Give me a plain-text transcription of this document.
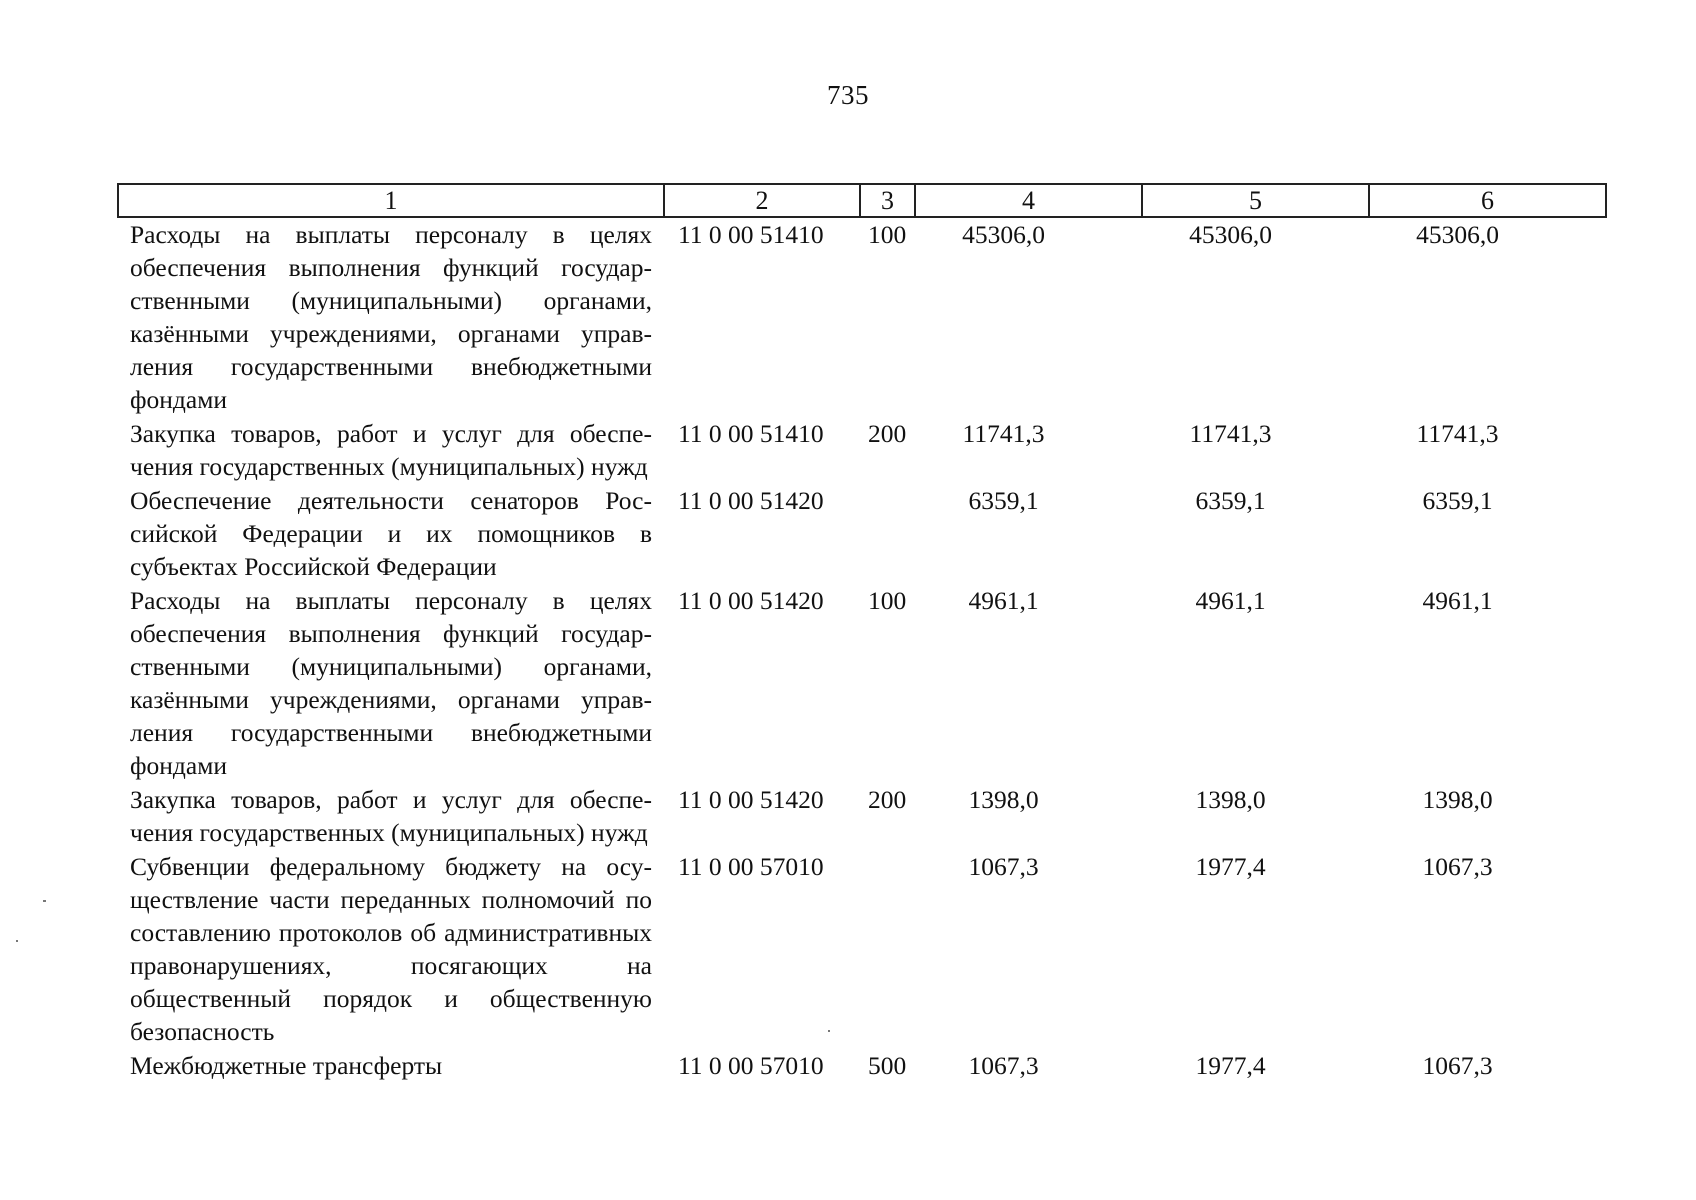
735
1	2	3	4	5	6
Расходы на выплаты персоналу в целях обеспечения выполнения функций государственными (муниципальными) органами, казёнными учреждениями, органами управления государственными внебюджетными фондами	11 0 00 51410	100	45306,0	45306,0	45306,0
Закупка товаров, работ и услуг для обеспечения государственных (муниципальных) нужд	11 0 00 51410	200	11741,3	11741,3	11741,3
Обеспечение деятельности сенаторов Российской Федерации и их помощников в субъектах Российской Федерации	11 0 00 51420		6359,1	6359,1	6359,1
Расходы на выплаты персоналу в целях обеспечения выполнения функций государственными (муниципальными) органами, казёнными учреждениями, органами управления государственными внебюджетными фондами	11 0 00 51420	100	4961,1	4961,1	4961,1
Закупка товаров, работ и услуг для обеспечения государственных (муниципальных) нужд	11 0 00 51420	200	1398,0	1398,0	1398,0
Субвенции федеральному бюджету на осуществление части переданных полномочий по составлению протоколов об административных правонарушениях, посягающих на общественный порядок и общественную безопасность	11 0 00 57010		1067,3	1977,4	1067,3
Межбюджетные трансферты	11 0 00 57010	500	1067,3	1977,4	1067,3
